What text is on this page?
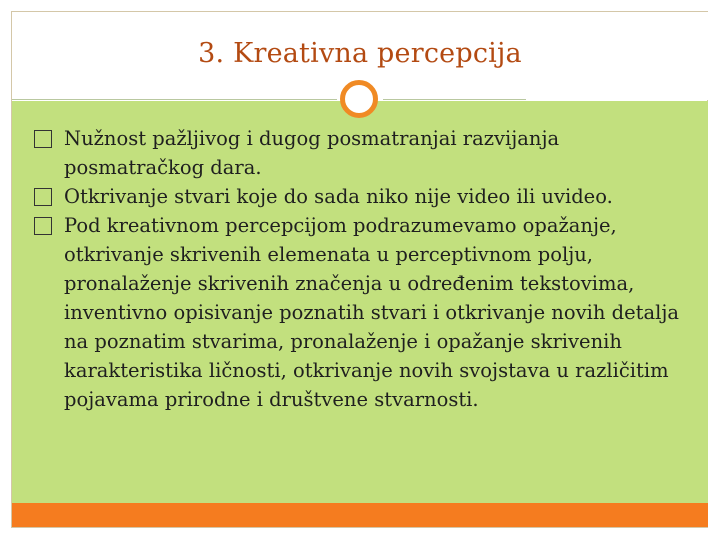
3. Kreativna percepcija
Nužnost pažljivog i dugog posmatranjai razvijanja posmatračkog dara.
Otkrivanje stvari koje do sada niko nije video ili uvideo.
Pod kreativnom percepcijom podrazumevamo opažanje, otkrivanje skrivenih elemenata u perceptivnom polju, pronalaženje skrivenih značenja u određenim tekstovima, inventivno opisivanje poznatih stvari i otkrivanje novih detalja na poznatim stvarima, pronalaženje i opažanje skrivenih karakteristika ličnosti, otkrivanje novih svojstava u različitim pojavama prirodne i društvene stvarnosti.
